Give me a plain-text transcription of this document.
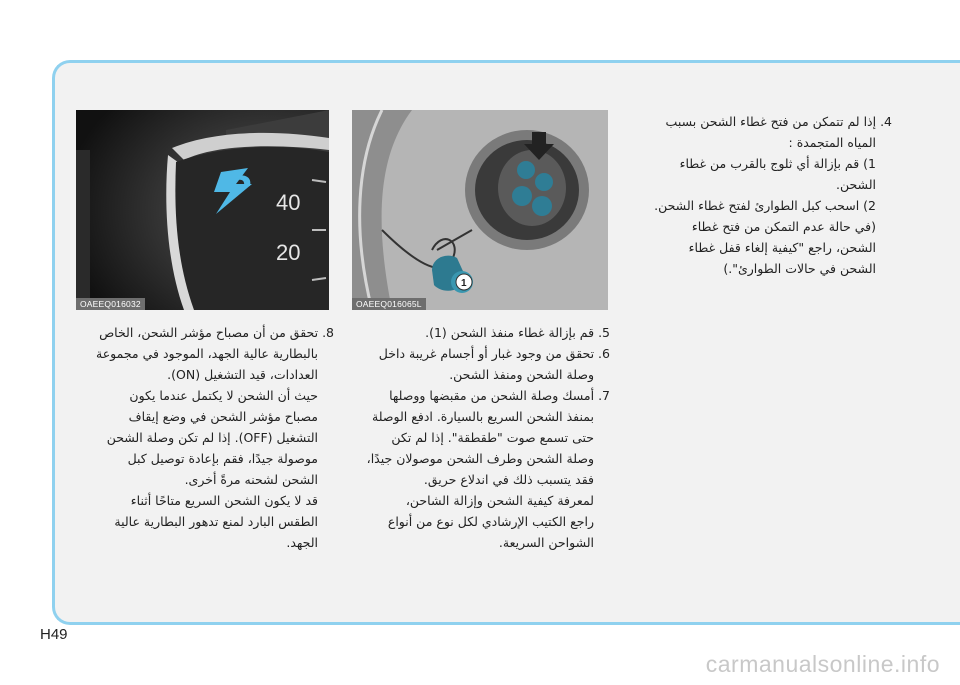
40
20
OAEEQ016032
1
OAEEQ016065L

4. إذا لم تتمكن من فتح غطاء الشحن بسبب

المياه المتجمدة :

1) قم بإزالة أي ثلوج بالقرب من غطاء

الشحن.

2) اسحب كبل الطوارئ لفتح غطاء الشحن.

(في حالة عدم التمكن من فتح غطاء

الشحن، راجع "كيفية إلغاء قفل غطاء

الشحن في حالات الطوارئ".)

5. قم بإزالة غطاء منفذ الشحن (1).

6. تحقق من وجود غبار أو أجسام غريبة داخل

وصلة الشحن ومنفذ الشحن.

7. أمسك وصلة الشحن من مقبضها ووصلها

بمنفذ الشحن السريع بالسيارة. ادفع الوصلة

حتى تسمع صوت "طقطقة". إذا لم تكن

وصلة الشحن وطرف الشحن موصولان جيدًا،

فقد يتسبب ذلك في اندلاع حريق.

لمعرفة كيفية الشحن وإزالة الشاحن،

راجع الكتيب الإرشادي لكل نوع من أنواع

الشواحن السريعة.

8. تحقق من أن مصباح مؤشر الشحن، الخاص

بالبطارية عالية الجهد، الموجود في مجموعة

العدادات، قيد التشغيل (ON).

حيث أن الشحن لا يكتمل عندما يكون

مصباح مؤشر الشحن في وضع إيقاف

التشغيل (OFF). إذا لم تكن وصلة الشحن

موصولة جيدًا، فقم بإعادة توصيل كبل

الشحن لشحنه مرةً أخرى.

قد لا يكون الشحن السريع متاحًا أثناء

الطقس البارد لمنع تدهور البطارية عالية

الجهد.

H49
carmanualsonline.info
